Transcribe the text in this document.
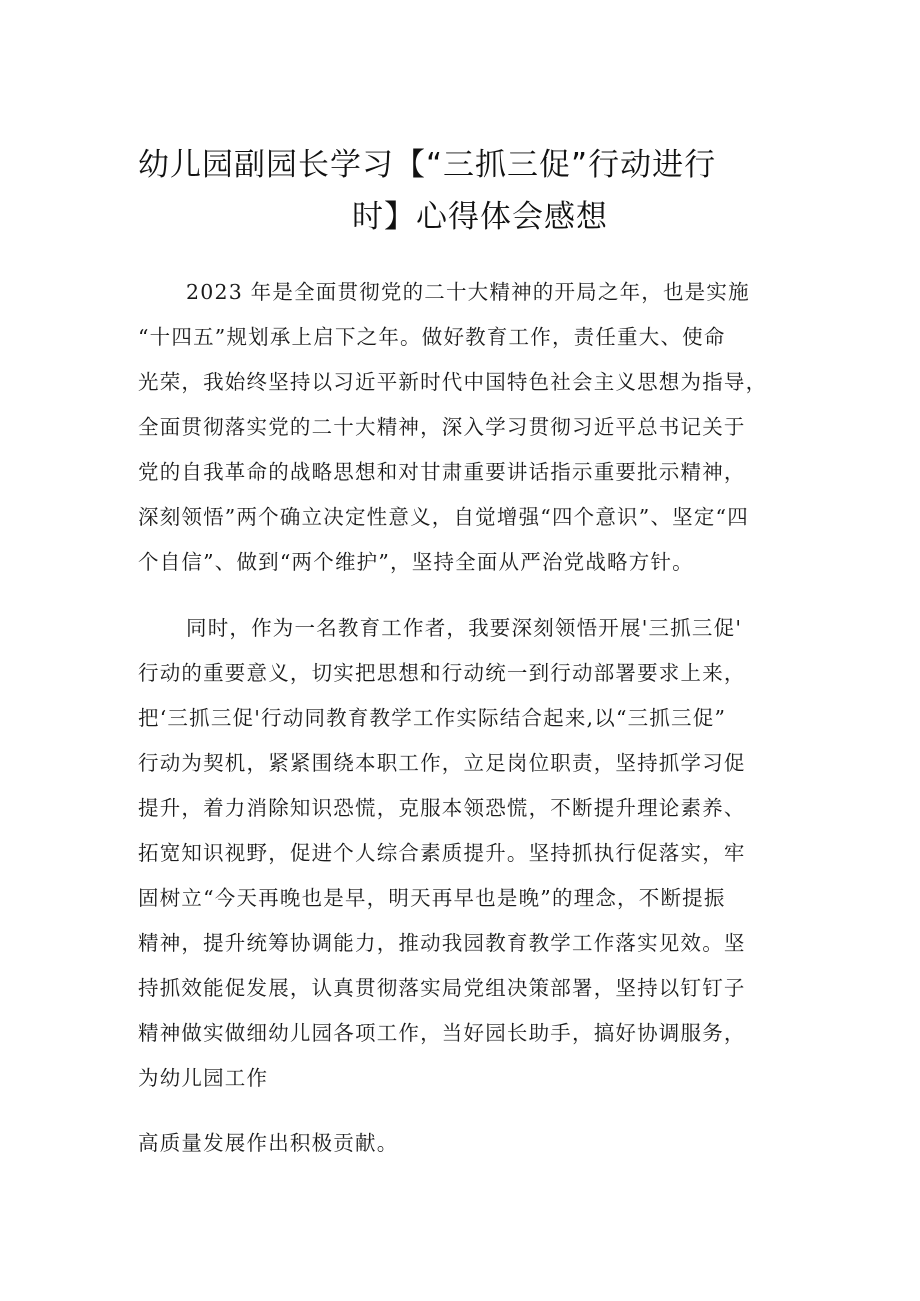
幼儿园副园长学习【“三抓三促”行动进行
时】心得体会感想
2023 年是全面贯彻党的二十大精神的开局之年，也是实施
“十四五”规划承上启下之年。做好教育工作，责任重大、使命
光荣，我始终坚持以习近平新时代中国特色社会主义思想为指导，
全面贯彻落实党的二十大精神，深入学习贯彻习近平总书记关于
党的自我革命的战略思想和对甘肃重要讲话指示重要批示精神，
深刻领悟”两个确立决定性意义，自觉增强“四个意识”、坚定“四
个自信”、做到“两个维护”，坚持全面从严治党战略方针。
同时，作为一名教育工作者，我要深刻领悟开展'三抓三促'
行动的重要意义，切实把思想和行动统一到行动部署要求上来，
把‘三抓三促'行动同教育教学工作实际结合起来,以“三抓三促”
行动为契机，紧紧围绕本职工作，立足岗位职责，坚持抓学习促
提升，着力消除知识恐慌，克服本领恐慌，不断提升理论素养、
拓宽知识视野，促进个人综合素质提升。坚持抓执行促落实，牢
固树立“今天再晚也是早，明天再早也是晚”的理念，不断提振
精神，提升统筹协调能力，推动我园教育教学工作落实见效。坚
持抓效能促发展，认真贯彻落实局党组决策部署，坚持以钉钉子
精神做实做细幼儿园各项工作，当好园长助手，搞好协调服务，
为幼儿园工作
高质量发展作出积极贡献。
